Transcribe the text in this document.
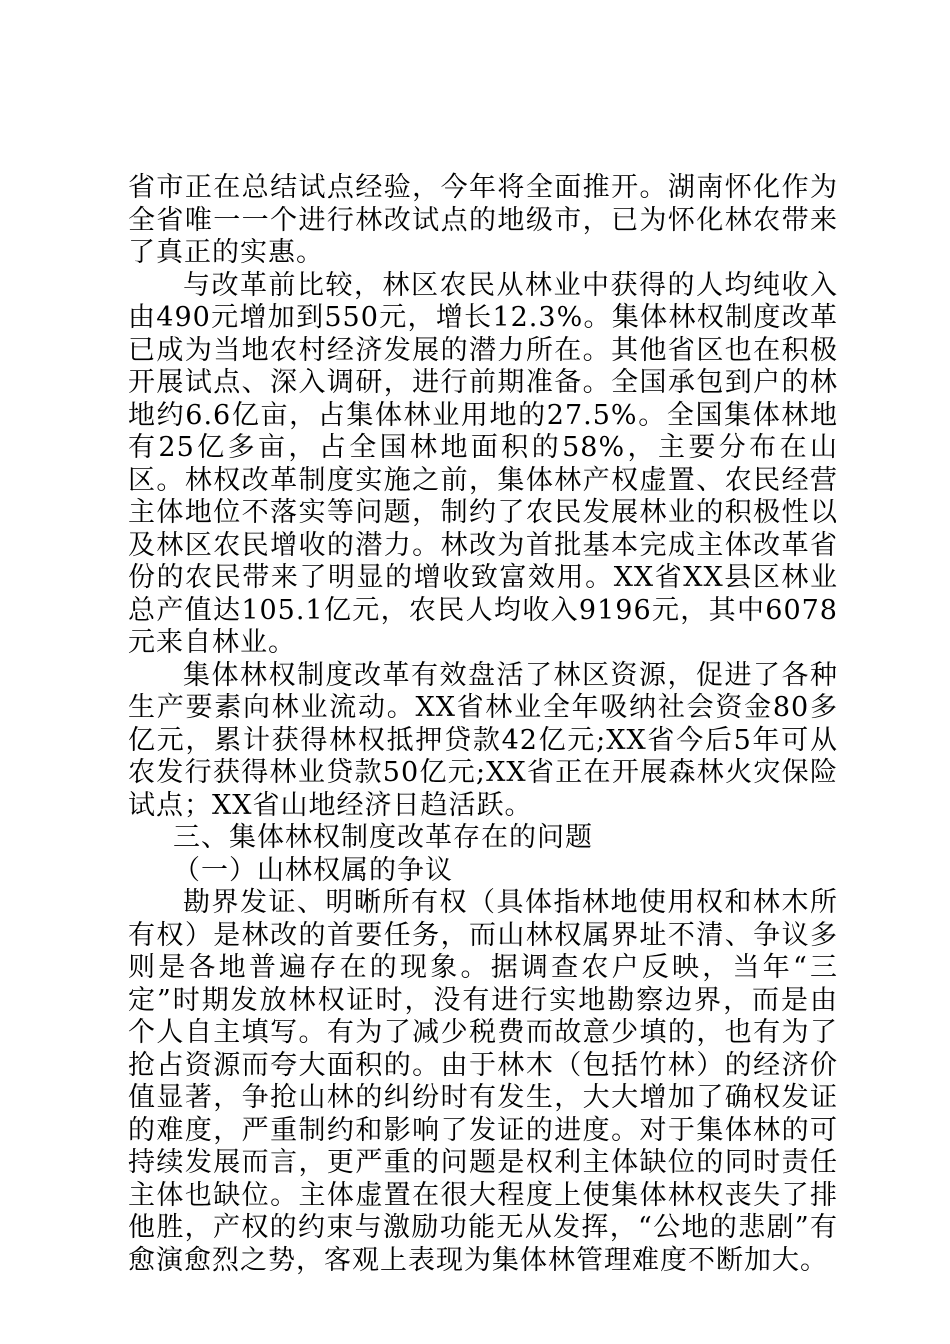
省市正在总结试点经验，今年将全面推开。湖南怀化作为全省唯一一个进行林改试点的地级市，已为怀化林农带来了真正的实惠。

与改革前比较，林区农民从林业中获得的人均纯收入由490元增加到550元，增长12.3%。集体林权制度改革已成为当地农村经济发展的潜力所在。其他省区也在积极开展试点、深入调研，进行前期准备。全国承包到户的林地约6.6亿亩，占集体林业用地的27.5%。全国集体林地有25亿多亩，占全国林地面积的58%，主要分布在山区。林权改革制度实施之前，集体林产权虚置、农民经营主体地位不落实等问题，制约了农民发展林业的积极性以及林区农民增收的潜力。林改为首批基本完成主体改革省份的农民带来了明显的增收致富效用。XX省XX县区林业总产值达105.1亿元，农民人均收入9196元，其中6078元来自林业。

集体林权制度改革有效盘活了林区资源，促进了各种生产要素向林业流动。XX省林业全年吸纳社会资金80多亿元，累计获得林权抵押贷款42亿元;XX省今后5年可从农发行获得林业贷款50亿元;XX省正在开展森林火灾保险试点；XX省山地经济日趋活跃。

三、集体林权制度改革存在的问题

（一）山林权属的争议

勘界发证、明晰所有权（具体指林地使用权和林木所有权）是林改的首要任务，而山林权属界址不清、争议多则是各地普遍存在的现象。据调查农户反映，当年“三定”时期发放林权证时，没有进行实地勘察边界，而是由个人自主填写。有为了减少税费而故意少填的，也有为了抢占资源而夸大面积的。由于林木（包括竹林）的经济价值显著，争抢山林的纠纷时有发生，大大增加了确权发证的难度，严重制约和影响了发证的进度。对于集体林的可持续发展而言，更严重的问题是权利主体缺位的同时责任主体也缺位。主体虚置在很大程度上使集体林权丧失了排他胜，产权的约束与激励功能无从发挥，“公地的悲剧”有愈演愈烈之势，客观上表现为集体林管理难度不断加大。
